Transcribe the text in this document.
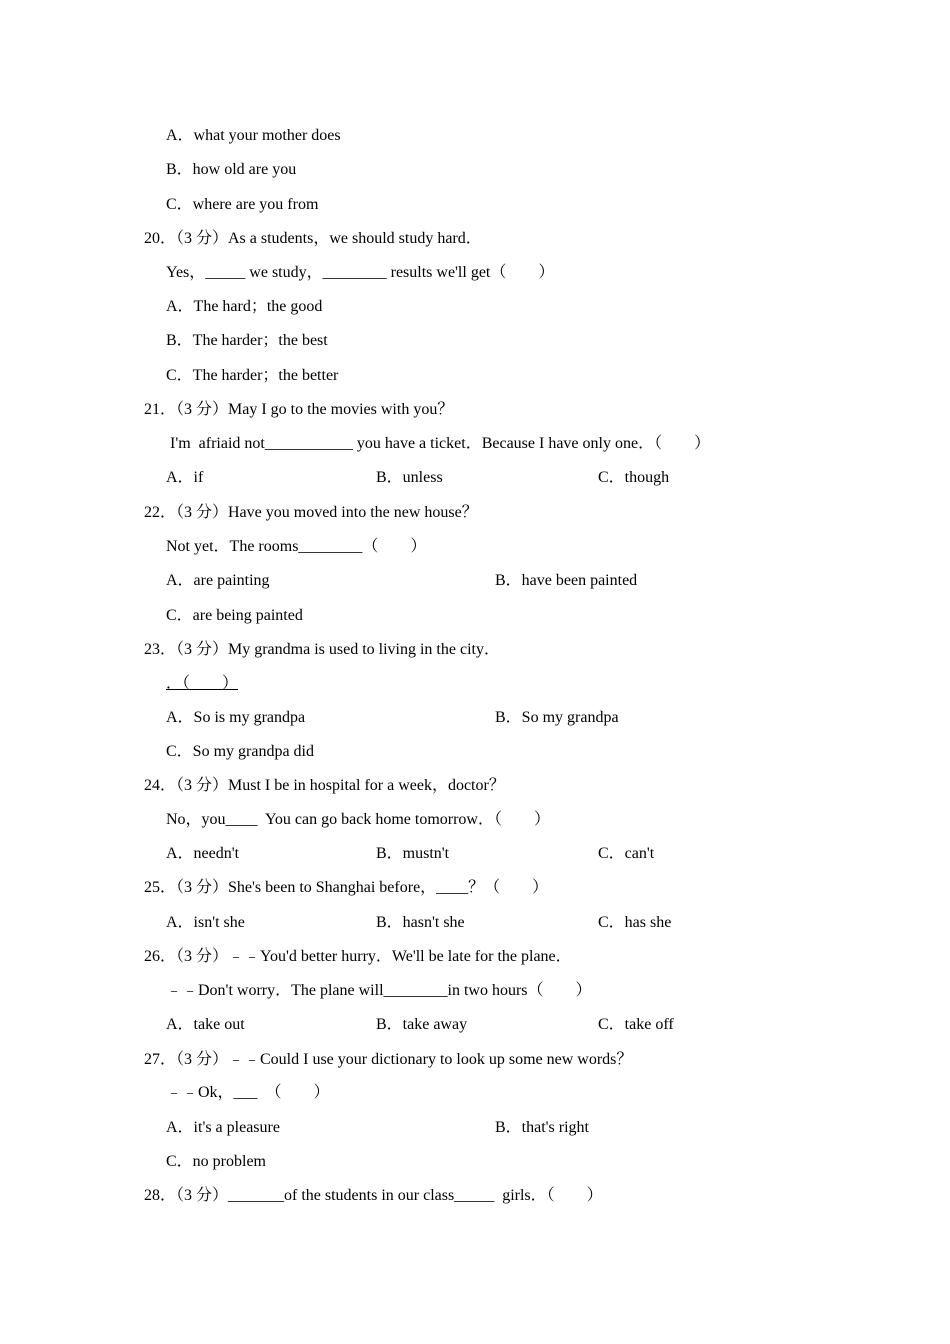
A．what your mother does
B．how old are you
C．where are you from
20．（3 分）As a students，we should study hard．
Yes，_____ we study，________ results we'll get（　　）
A．The hard；the good
B．The harder；the best
C．The harder；the better
21．（3 分）May I go to the movies with you？
I'm  afriaid not___________ you have a ticket．Because I have only one．（　　）
A．if	B．unless	C．though
22．（3 分）Have you moved into the new house？
Not yet．The rooms________（　　）
A．are painting	B．have been painted
C．are being painted
23．（3 分）My grandma is used to living in the city．
．（　　）
A．So is my grandpa	B．So my grandpa
C．So my grandpa did
24．（3 分）Must I be in hospital for a week，doctor？
No，you____  You can go back home tomorrow．（　　）
A．needn't	B．mustn't	C．can't
25．（3 分）She's been to Shanghai before，____？（　　）
A．isn't she	B．hasn't she	C．has she
26．（3 分）﹣﹣You'd better hurry．We'll be late for the plane．
﹣﹣Don't worry．The plane will________in two hours（　　）
A．take out	B．take away	C．take off
27．（3 分）﹣﹣Could I use your dictionary to look up some new words？
﹣﹣Ok，___  （　　）
A．it's a pleasure	B．that's right
C．no problem
28．（3 分）_______of the students in our class_____  girls．（　　）
